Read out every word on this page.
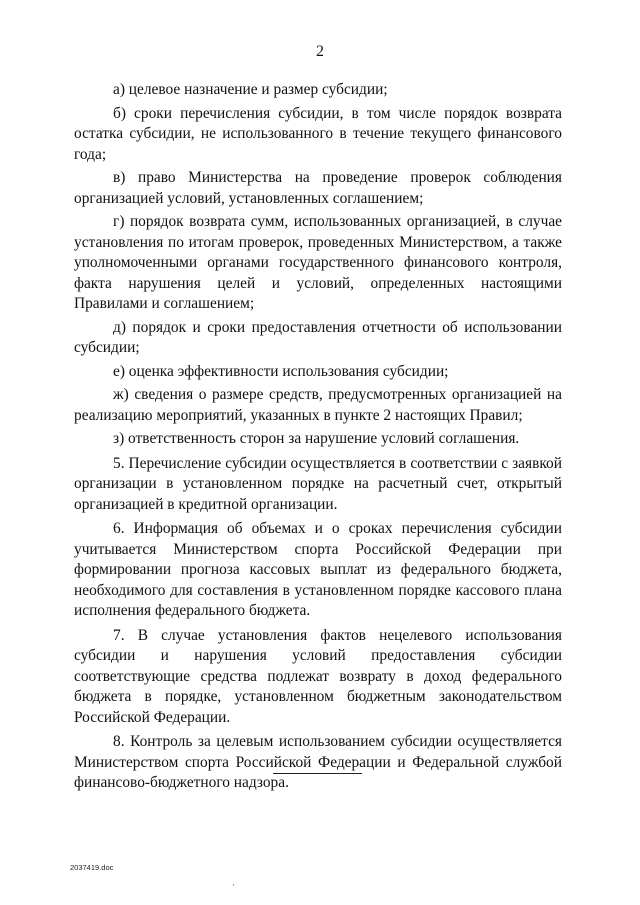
2

а) целевое назначение и размер субсидии;

б) сроки перечисления субсидии, в том числе порядок возврата остатка субсидии, не использованного в течение текущего финансового года;

в) право Министерства на проведение проверок соблюдения организацией условий, установленных соглашением;

г) порядок возврата сумм, использованных организацией, в случае установления по итогам проверок, проведенных Министерством, а также уполномоченными органами государственного финансового контроля, факта нарушения целей и условий, определенных настоящими Правилами и соглашением;

д) порядок и сроки предоставления отчетности об использовании субсидии;

е) оценка эффективности использования субсидии;

ж) сведения о размере средств, предусмотренных организацией на реализацию мероприятий, указанных в пункте 2 настоящих Правил;

з) ответственность сторон за нарушение условий соглашения.

5. Перечисление субсидии осуществляется в соответствии с заявкой организации в установленном порядке на расчетный счет, открытый организацией в кредитной организации.

6. Информация об объемах и о сроках перечисления субсидии учитывается Министерством спорта Российской Федерации при формировании прогноза кассовых выплат из федерального бюджета, необходимого для составления в установленном порядке кассового плана исполнения федерального бюджета.

7. В случае установления фактов нецелевого использования субсидии и нарушения условий предоставления субсидии соответствующие средства подлежат возврату в доход федерального бюджета в порядке, установленном бюджетным законодательством Российской Федерации.

8. Контроль за целевым использованием субсидии осуществляется Министерством спорта Российской Федерации и Федеральной службой финансово-бюджетного надзора.

2037419.doc
